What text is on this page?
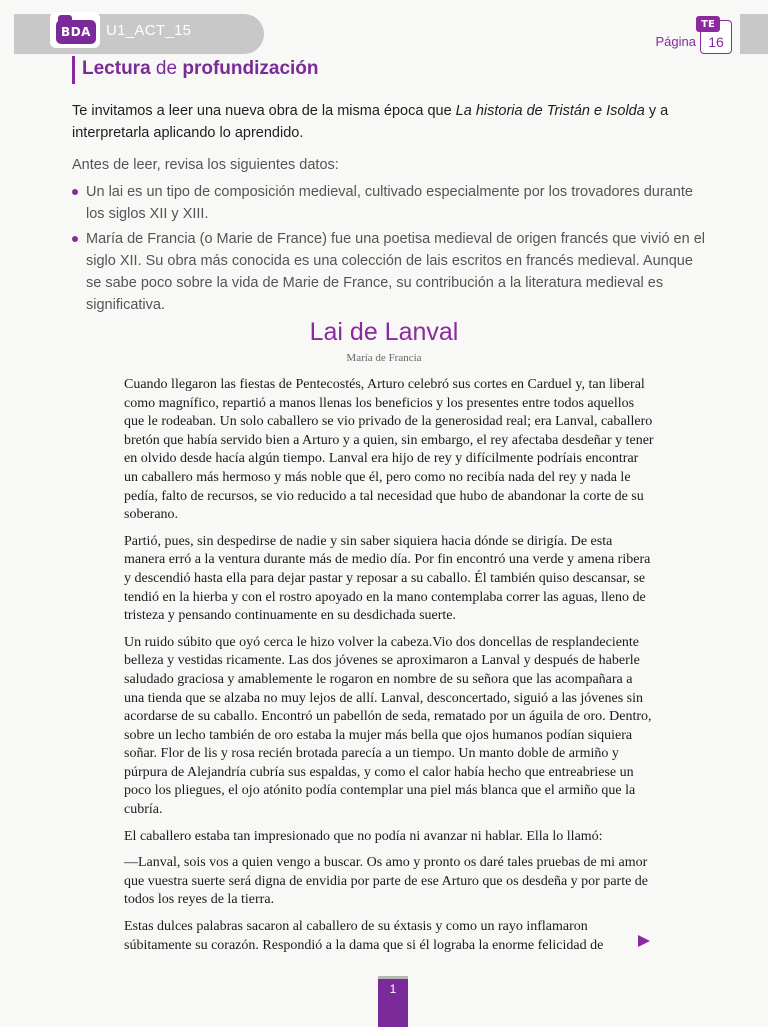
BDA U1_ACT_15
Página
TE
16
Lectura de profundización
Te invitamos a leer una nueva obra de la misma época que La historia de Tristán e Isolda y a interpretarla aplicando lo aprendido.
Antes de leer, revisa los siguientes datos:
Un lai es un tipo de composición medieval, cultivado especialmente por los trovadores durante los siglos XII y XIII.
María de Francia (o Marie de France) fue una poetisa medieval de origen francés que vivió en el siglo XII. Su obra más conocida es una colección de lais escritos en francés medieval. Aunque se sabe poco sobre la vida de Marie de France, su contribución a la literatura medieval es significativa.
Lai de Lanval
María de Francia

Cuando llegaron las fiestas de Pentecostés, Arturo celebró sus cortes en Carduel y, tan liberal como magnífico, repartió a manos llenas los beneficios y los presentes entre todos aquellos que le rodeaban. Un solo caballero se vio privado de la generosidad real; era Lanval, caballero bretón que había servido bien a Arturo y a quien, sin embargo, el rey afectaba desdeñar y tener en olvido desde hacía algún tiempo. Lanval era hijo de rey y difícilmente podríais encontrar un caballero más hermoso y más noble que él, pero como no recibía nada del rey y nada le pedía, falto de recursos, se vio reducido a tal necesidad que hubo de abandonar la corte de su soberano.

Partió, pues, sin despedirse de nadie y sin saber siquiera hacia dónde se dirigía. De esta manera erró a la ventura durante más de medio día. Por fin encontró una verde y amena ribera y descendió hasta ella para dejar pastar y reposar a su caballo. Él también quiso descansar, se tendió en la hierba y con el rostro apoyado en la mano contemplaba correr las aguas, lleno de tristeza y pensando continuamente en su desdichada suerte.

Un ruido súbito que oyó cerca le hizo volver la cabeza.Vio dos doncellas de resplandeciente belleza y vestidas ricamente. Las dos jóvenes se aproximaron a Lanval y después de haberle saludado graciosa y amablemente le rogaron en nombre de su señora que las acompañara a una tienda que se alzaba no muy lejos de allí. Lanval, desconcertado, siguió a las jóvenes sin acordarse de su caballo. Encontró un pabellón de seda, rematado por un águila de oro. Dentro, sobre un lecho también de oro estaba la mujer más bella que ojos humanos podían siquiera soñar. Flor de lis y rosa recién brotada parecía a un tiempo. Un manto doble de armiño y púrpura de Alejandría cubría sus espaldas, y como el calor había hecho que entreabriese un poco los pliegues, el ojo atónito podía contemplar una piel más blanca que el armiño que la cubría.

El caballero estaba tan impresionado que no podía ni avanzar ni hablar. Ella lo llamó:

—Lanval, sois vos a quien vengo a buscar. Os amo y pronto os daré tales pruebas de mi amor que vuestra suerte será digna de envidia por parte de ese Arturo que os desdeña y por parte de todos los reyes de la tierra.

Estas dulces palabras sacaron al caballero de su éxtasis y como un rayo inflamaron súbitamente su corazón. Respondió a la dama que si él lograba la enorme felicidad de

1
